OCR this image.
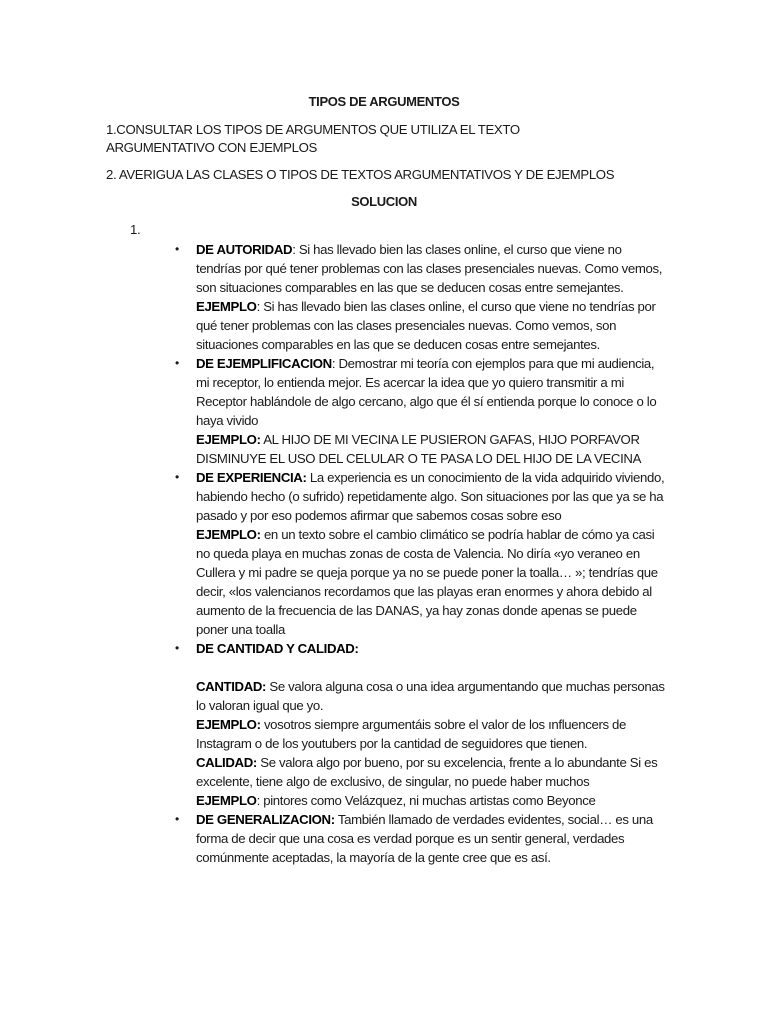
TIPOS DE ARGUMENTOS
1.CONSULTAR LOS TIPOS DE ARGUMENTOS QUE UTILIZA EL TEXTO ARGUMENTATIVO CON EJEMPLOS
2. AVERIGUA LAS CLASES O TIPOS DE TEXTOS ARGUMENTATIVOS Y DE EJEMPLOS
SOLUCION
1.
• DE AUTORIDAD: Si has llevado bien las clases online, el curso que viene no tendrías por qué tener problemas con las clases presenciales nuevas. Como vemos, son situaciones comparables en las que se deducen cosas entre semejantes.
EJEMPLO: Si has llevado bien las clases online, el curso que viene no tendrías por qué tener problemas con las clases presenciales nuevas. Como vemos, son situaciones comparables en las que se deducen cosas entre semejantes.
• DE EJEMPLIFICACION: Demostrar mi teoría con ejemplos para que mi audiencia, mi receptor, lo entienda mejor. Es acercar la idea que yo quiero transmitir a mi Receptor hablándole de algo cercano, algo que él sí entienda porque lo conoce o lo haya vivido
EJEMPLO: AL HIJO DE MI VECINA LE PUSIERON GAFAS, HIJO PORFAVOR DISMINUYE EL USO DEL CELULAR O TE PASA LO DEL HIJO DE LA VECINA
• DE EXPERIENCIA: La experiencia es un conocimiento de la vida adquirido viviendo, habiendo hecho (o sufrido) repetidamente algo. Son situaciones por las que ya se ha pasado y por eso podemos afirmar que sabemos cosas sobre eso
EJEMPLO: en un texto sobre el cambio climático se podría hablar de cómo ya casi no queda playa en muchas zonas de costa de Valencia. No diría «yo veraneo en Cullera y mi padre se queja porque ya no se puede poner la toalla… »; tendrías que decir, «los valencianos recordamos que las playas eran enormes y ahora debido al aumento de la frecuencia de las DANAS, ya hay zonas donde apenas se puede poner una toalla
• DE CANTIDAD Y CALIDAD:
CANTIDAD: Se valora alguna cosa o una idea argumentando que muchas personas lo valoran igual que yo.
EJEMPLO: vosotros siempre argumentáis sobre el valor de los ınfluencers de Instagram o de los youtubers por la cantidad de seguidores que tienen.
CALIDAD: Se valora algo por bueno, por su excelencia, frente a lo abundante Si es excelente, tiene algo de exclusivo, de singular, no puede haber muchos
EJEMPLO: pintores como Velázquez, ni muchas artistas como Beyonce
• DE GENERALIZACION: También llamado de verdades evidentes, social… es una forma de decir que una cosa es verdad porque es un sentir general, verdades comúnmente aceptadas, la mayoría de la gente cree que es así.
